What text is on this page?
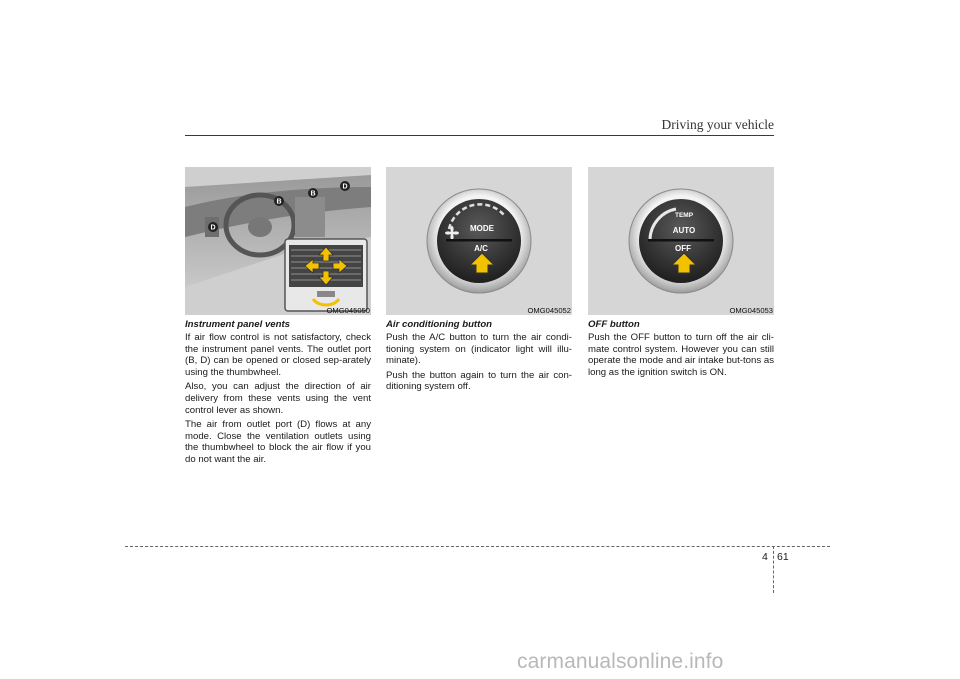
Driving your vehicle
B
B
D
D
OMG045050
Instrument panel vents

If air flow control is not satisfactory, check the instrument panel vents. The outlet port (B, D) can be opened or closed sep-arately using the thumbwheel.

Also, you can adjust the direction of air delivery from these vents using the vent control lever as shown.

The air from outlet port (D) flows at any mode. Close the ventilation outlets using the thumbwheel to block the air flow if you do not want the air.

MODE
A/C
OMG045052
Air conditioning button

Push the A/C button to turn the air condi-tioning system on (indicator light will illu-minate).

Push the button again to turn the air con-ditioning system off.

TEMP
AUTO
OFF
OMG045053
OFF button

Push the OFF button to turn off the air cli-mate control system. However you can still operate the mode and air intake but-tons as long as the ignition switch is ON.

4 61
carmanualsonline.info
